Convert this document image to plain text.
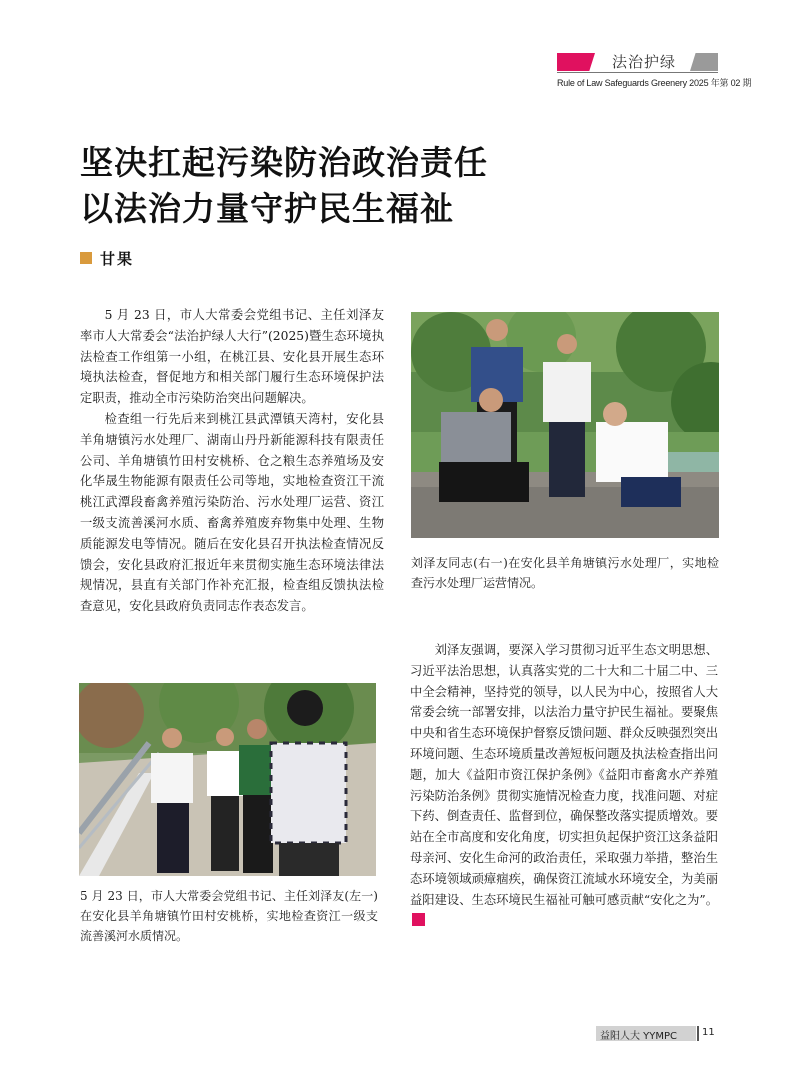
法治护绿
Rule of Law Safeguards Greenery 2025 年第 02 期
坚决扛起污染防治政治责任
以法治力量守护民生福祉
甘果

5 月 23 日，市人大常委会党组书记、主任刘泽友率市人大常委会“法治护绿人大行”(2025)暨生态环境执法检查工作组第一小组，在桃江县、安化县开展生态环境执法检查，督促地方和相关部门履行生态环境保护法定职责，推动全市污染防治突出问题解决。

检查组一行先后来到桃江县武潭镇天湾村，安化县羊角塘镇污水处理厂、湖南山丹丹新能源科技有限责任公司、羊角塘镇竹田村安桃桥、仓之粮生态养殖场及安化华晟生物能源有限责任公司等地，实地检查资江干流桃江武潭段畜禽养殖污染防治、污水处理厂运营、资江一级支流善溪河水质、畜禽养殖废弃物集中处理、生物质能源发电等情况。随后在安化县召开执法检查情况反馈会，安化县政府汇报近年来贯彻实施生态环境法律法规情况，县直有关部门作补充汇报，检查组反馈执法检查意见，安化县政府负责同志作表态发言。

刘泽友同志(右一)在安化县羊角塘镇污水处理厂，实地检查污水处理厂运营情况。
5 月 23 日，市人大常委会党组书记、主任刘泽友(左一)在安化县羊角塘镇竹田村安桃桥，实地检查资江一级支流善溪河水质情况。

刘泽友强调，要深入学习贯彻习近平生态文明思想、习近平法治思想，认真落实党的二十大和二十届二中、三中全会精神，坚持党的领导，以人民为中心，按照省人大常委会统一部署安排，以法治力量守护民生福祉。要聚焦中央和省生态环境保护督察反馈问题、群众反映强烈突出环境问题、生态环境质量改善短板问题及执法检查指出问题，加大《益阳市资江保护条例》《益阳市畜禽水产养殖污染防治条例》贯彻实施情况检查力度，找准问题、对症下药、倒查责任、监督到位，确保整改落实提质增效。要站在全市高度和安化角度，切实担负起保护资江这条益阳母亲河、安化生命河的政治责任，采取强力举措，整治生态环境领域顽瘴痼疾，确保资江流域水环境安全，为美丽益阳建设、生态环境民生福祉可触可感贡献“安化之为”。

益阳人大 YYMPC 11
